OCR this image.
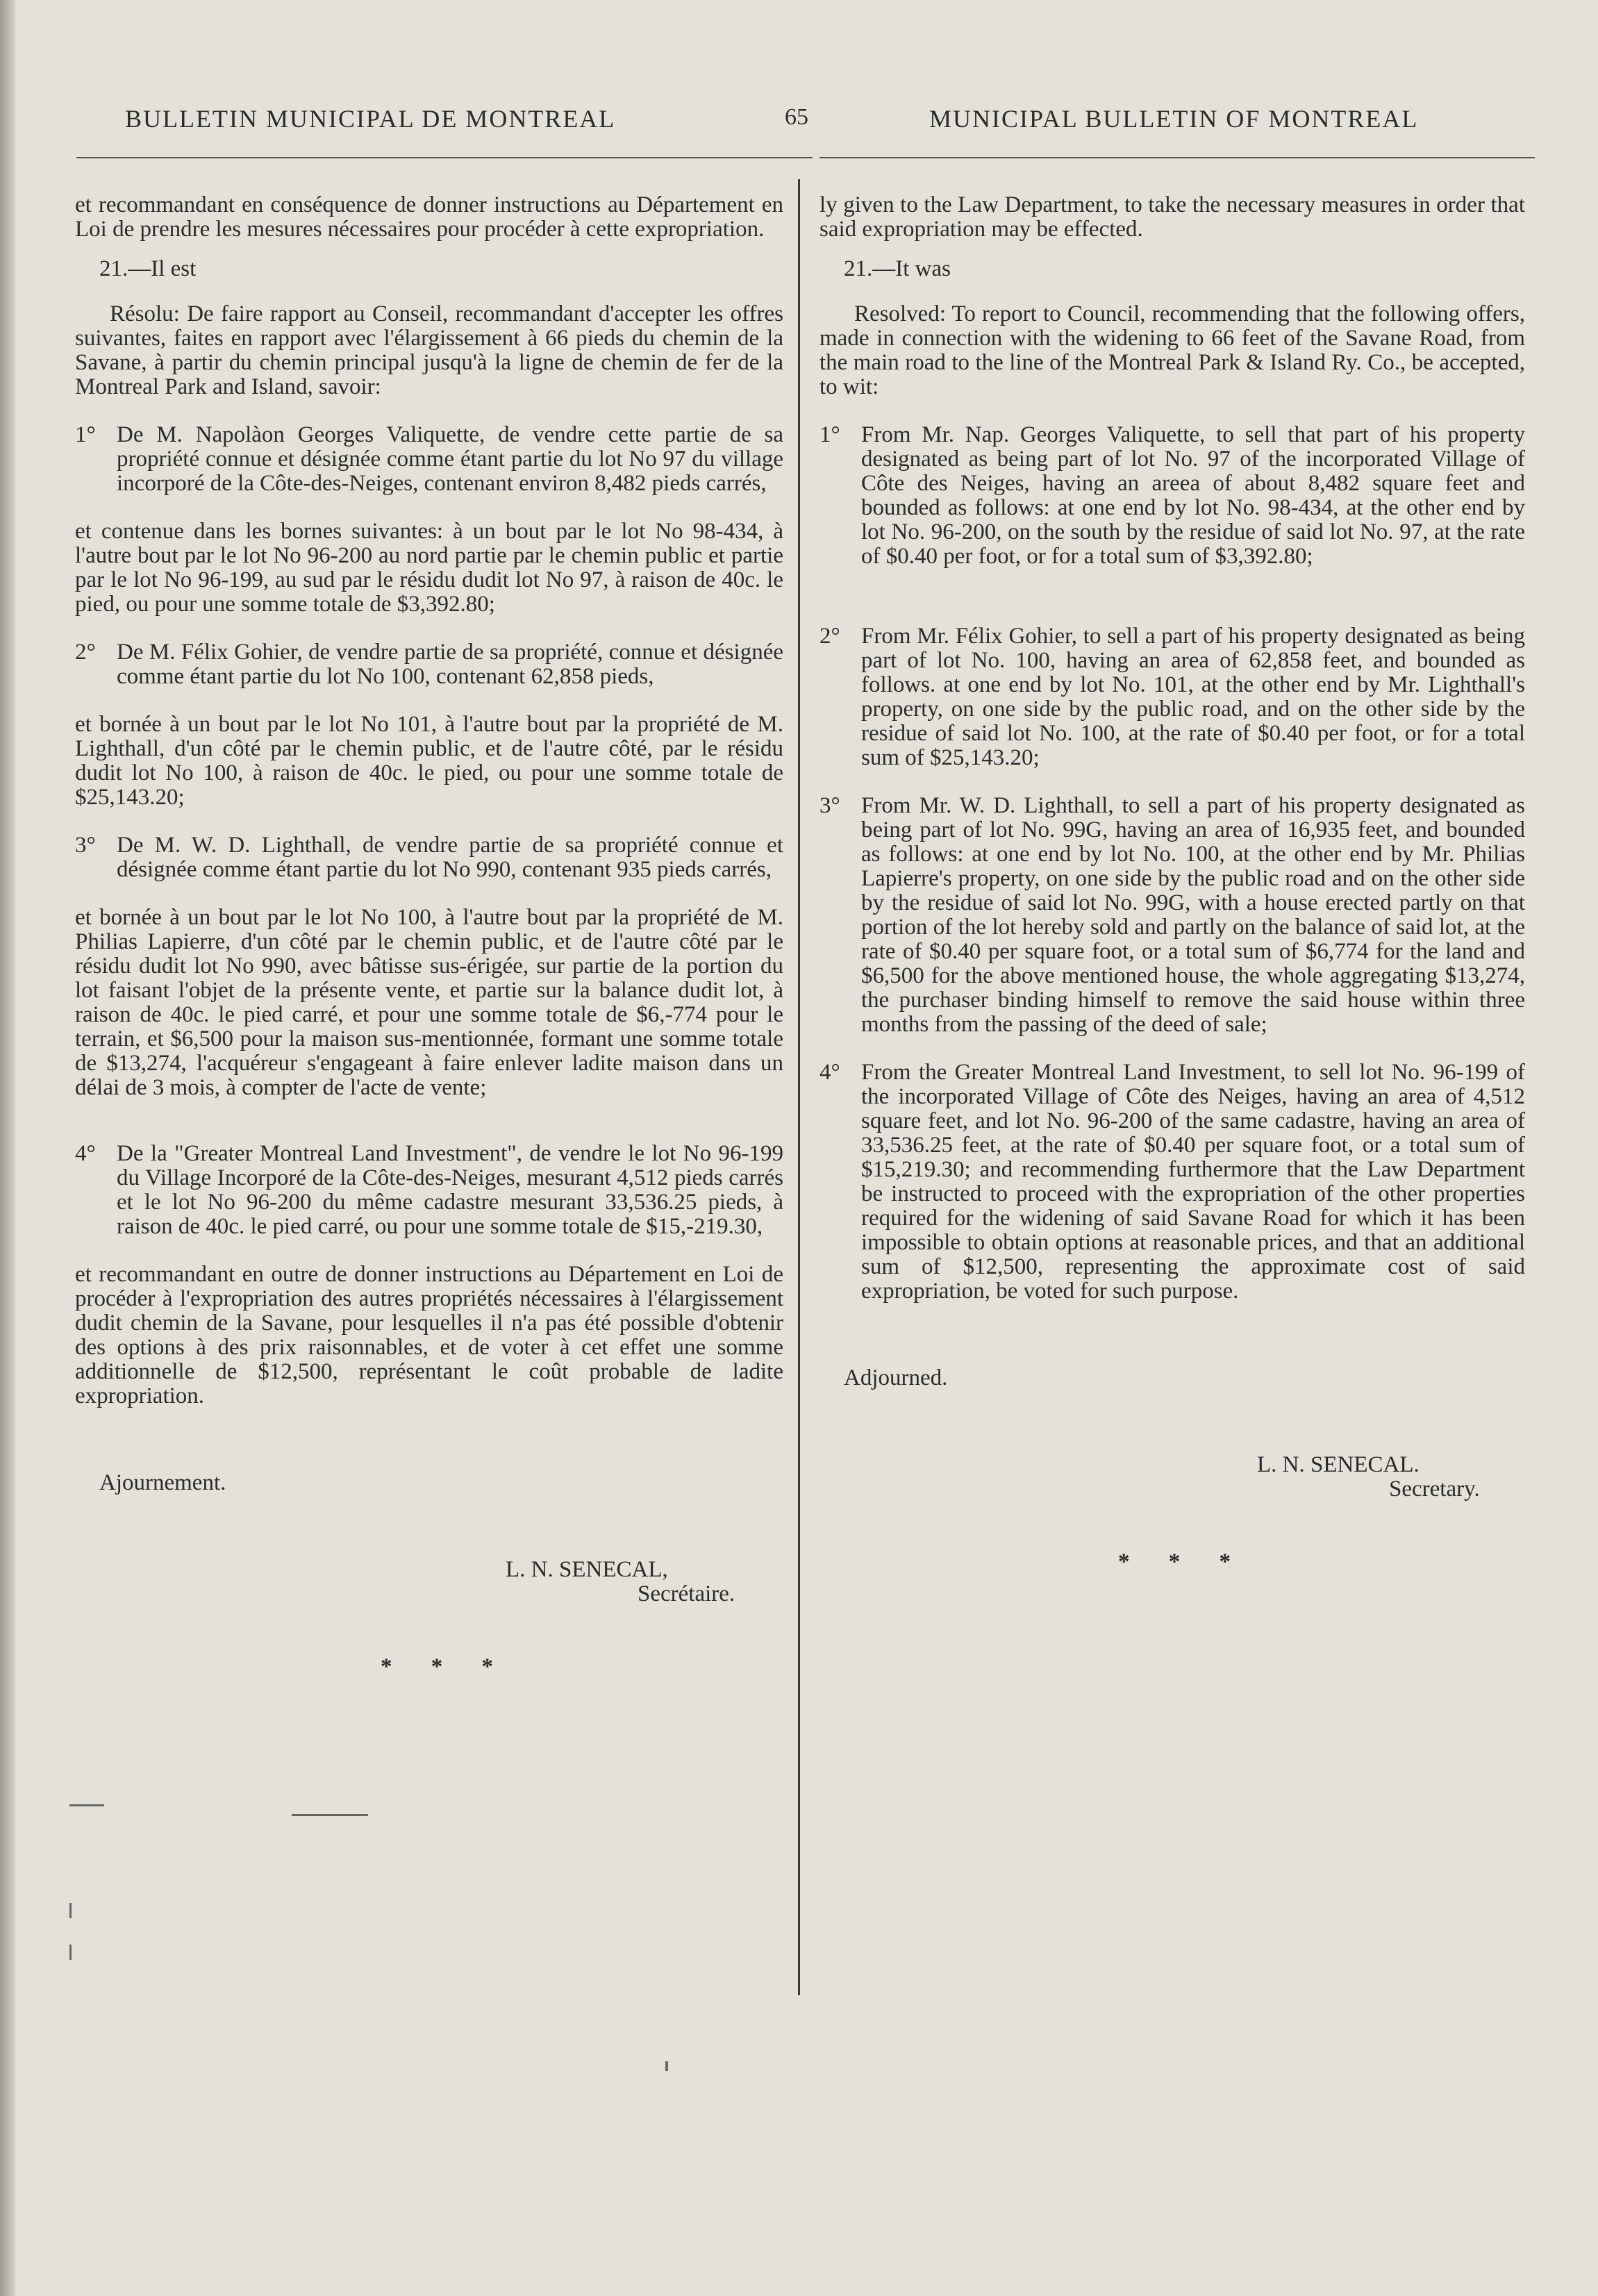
BULLETIN MUNICIPAL DE MONTREAL	65	MUNICIPAL BULLETIN OF MONTREAL

et recommandant en conséquence de donner instructions au Département en Loi de prendre les mesures nécessaires pour procéder à cette expropriation.

21.—Il est

Résolu: De faire rapport au Conseil, recommandant d'accepter les offres suivantes, faites en rapport avec l'élargissement à 66 pieds du chemin de la Savane, à partir du chemin principal jusqu'à la ligne de chemin de fer de la Montreal Park and Island, savoir:

1° De M. Napolàon Georges Valiquette, de vendre cette partie de sa propriété connue et désignée comme étant partie du lot No 97 du village incorporé de la Côte-des-Neiges, contenant environ 8,482 pieds carrés,

et contenue dans les bornes suivantes: à un bout par le lot No 98-434, à l'autre bout par le lot No 96-200 au nord partie par le chemin public et partie par le lot No 96-199, au sud par le résidu dudit lot No 97, à raison de 40c. le pied, ou pour une somme totale de $3,392.80;

2° De M. Félix Gohier, de vendre partie de sa propriété, connue et désignée comme étant partie du lot No 100, contenant 62,858 pieds,

et bornée à un bout par le lot No 101, à l'autre bout par la propriété de M. Lighthall, d'un côté par le chemin public, et de l'autre côté, par le résidu dudit lot No 100, à raison de 40c. le pied, ou pour une somme totale de $25,143.20;

3° De M. W. D. Lighthall, de vendre partie de sa propriété connue et désignée comme étant partie du lot No 990, contenant 935 pieds carrés,

et bornée à un bout par le lot No 100, à l'autre bout par la propriété de M. Philias Lapierre, d'un côté par le chemin public, et de l'autre côté par le résidu dudit lot No 990, avec bâtisse sus-érigée, sur partie de la portion du lot faisant l'objet de la présente vente, et partie sur la balance dudit lot, à raison de 40c. le pied carré, et pour une somme totale de $6,-774 pour le terrain, et $6,500 pour la maison sus-mentionnée, formant une somme totale de $13,274, l'acquéreur s'engageant à faire enlever ladite maison dans un délai de 3 mois, à compter de l'acte de vente;

4° De la "Greater Montreal Land Investment", de vendre le lot No 96-199 du Village Incorporé de la Côte-des-Neiges, mesurant 4,512 pieds carrés et le lot No 96-200 du même cadastre mesurant 33,536.25 pieds, à raison de 40c. le pied carré, ou pour une somme totale de $15,-219.30,

et recommandant en outre de donner instructions au Département en Loi de procéder à l'expropriation des autres propriétés nécessaires à l'élargissement dudit chemin de la Savane, pour lesquelles il n'a pas été possible d'obtenir des options à des prix raisonnables, et de voter à cet effet une somme additionnelle de $12,500, représentant le coût probable de ladite expropriation.

Ajournement.

L. N. SENECAL,

Secrétaire.

* * *

ly given to the Law Department, to take the necessary measures in order that said expropriation may be effected.

21.—It was

Resolved: To report to Council, recommending that the following offers, made in connection with the widening to 66 feet of the Savane Road, from the main road to the line of the Montreal Park & Island Ry. Co., be accepted, to wit:

1° From Mr. Nap. Georges Valiquette, to sell that part of his property designated as being part of lot No. 97 of the incorporated Village of Côte des Neiges, having an areea of about 8,482 square feet and bounded as follows: at one end by lot No. 98-434, at the other end by lot No. 96-200, on the south by the residue of said lot No. 97, at the rate of $0.40 per foot, or for a total sum of $3,392.80;
2° From Mr. Félix Gohier, to sell a part of his property designated as being part of lot No. 100, having an area of 62,858 feet, and bounded as follows. at one end by lot No. 101, at the other end by Mr. Lighthall's property, on one side by the public road, and on the other side by the residue of said lot No. 100, at the rate of $0.40 per foot, or for a total sum of $25,143.20;
3° From Mr. W. D. Lighthall, to sell a part of his property designated as being part of lot No. 99G, having an area of 16,935 feet, and bounded as follows: at one end by lot No. 100, at the other end by Mr. Philias Lapierre's property, on one side by the public road and on the other side by the residue of said lot No. 99G, with a house erected partly on that portion of the lot hereby sold and partly on the balance of said lot, at the rate of $0.40 per square foot, or a total sum of $6,774 for the land and $6,500 for the above mentioned house, the whole aggregating $13,274, the purchaser binding himself to remove the said house within three months from the passing of the deed of sale;
4° From the Greater Montreal Land Investment, to sell lot No. 96-199 of the incorporated Village of Côte des Neiges, having an area of 4,512 square feet, and lot No. 96-200 of the same cadastre, having an area of 33,536.25 feet, at the rate of $0.40 per square foot, or a total sum of $15,219.30; and recommending furthermore that the Law Department be instructed to proceed with the expropriation of the other properties required for the widening of said Savane Road for which it has been impossible to obtain options at reasonable prices, and that an additional sum of $12,500, representing the approximate cost of said expropriation, be voted for such purpose.

Adjourned.

L. N. SENECAL.

Secretary.

* * *
